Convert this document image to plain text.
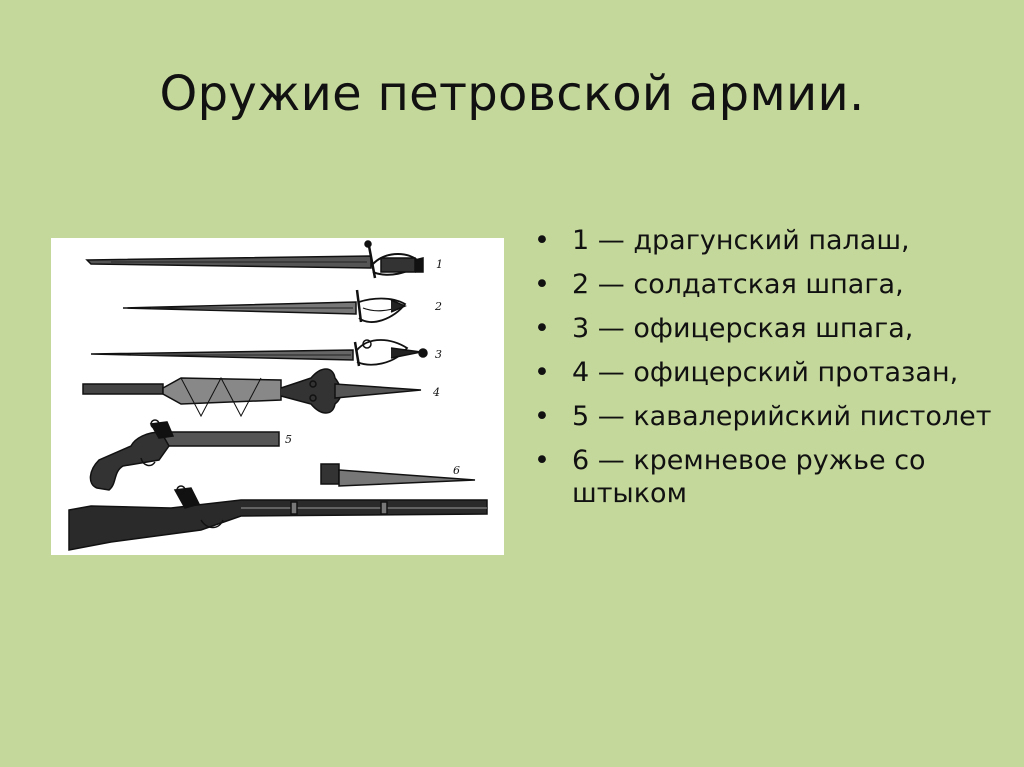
Оружие петровской армии.
1
2
3
4
5
6
• 1 — драгунский палаш,
• 2 — солдатская шпага,
• 3 — офицерская шпага,
• 4 — офицерский протазан,
• 5 — кавалерийский пистолет
• 6 — кремневое ружье со штыком
